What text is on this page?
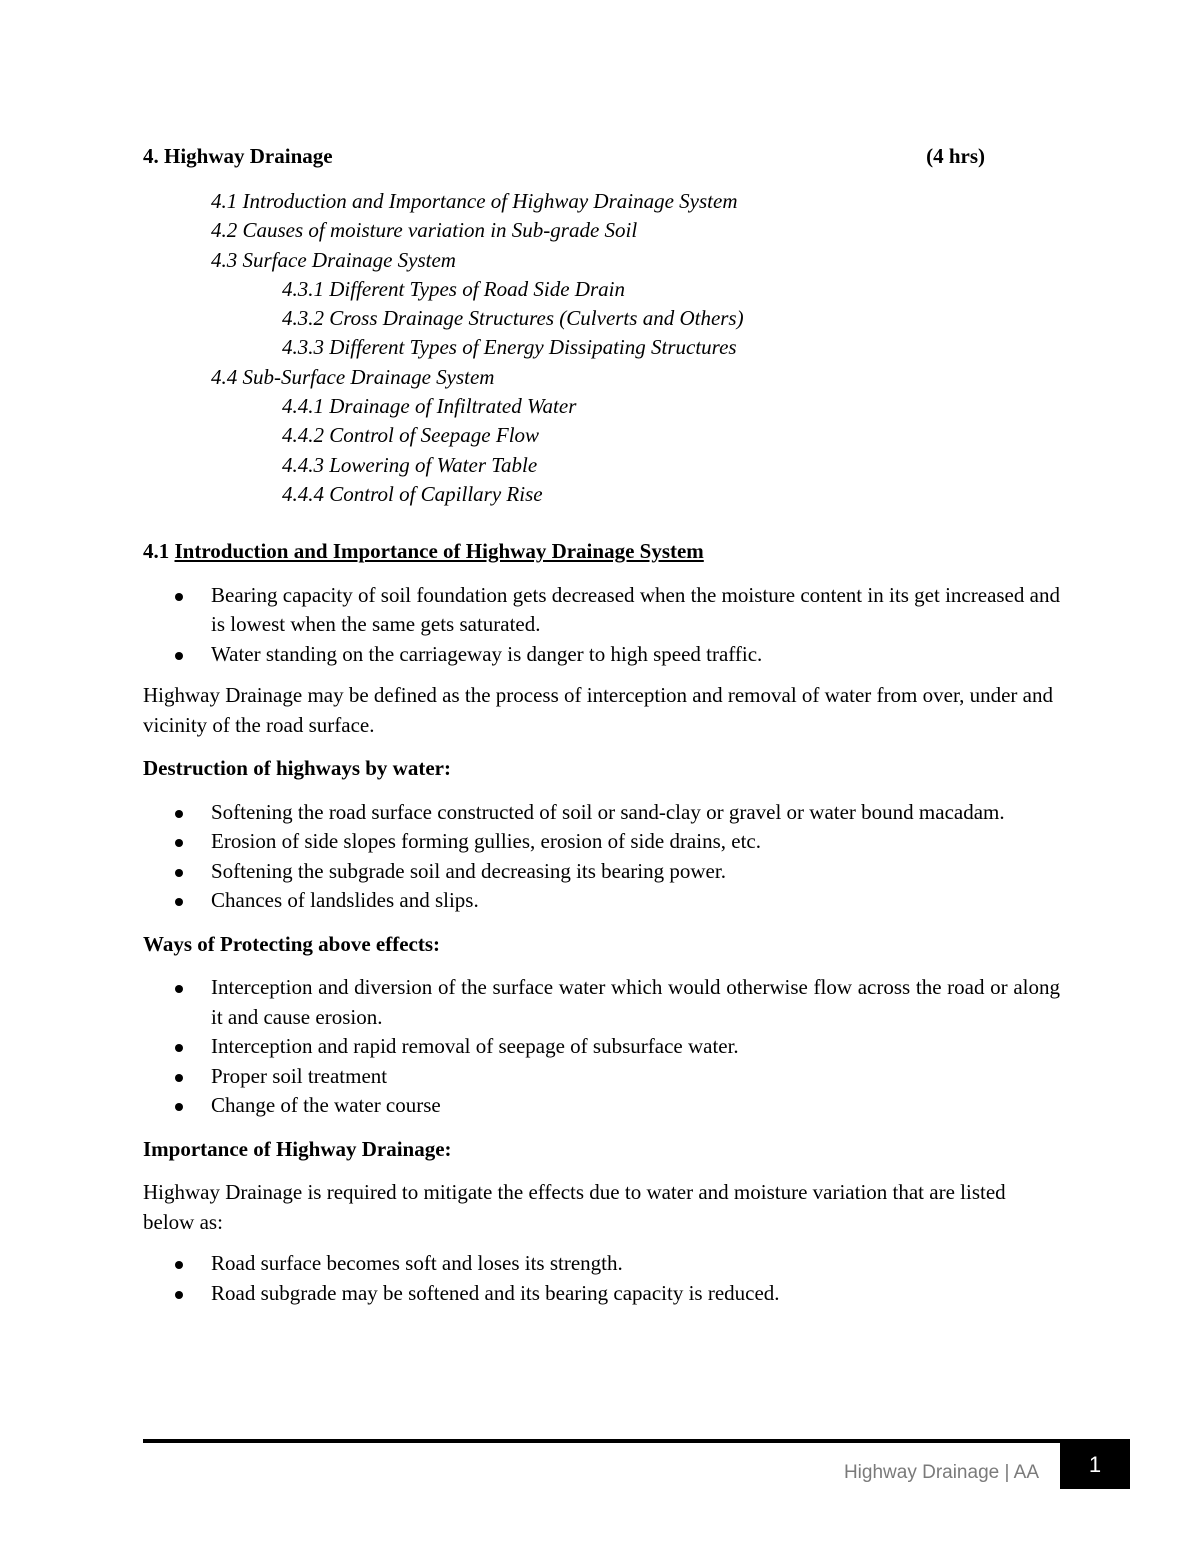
4. Highway Drainage	(4 hrs)
4.1 Introduction and Importance of Highway Drainage System
4.2 Causes of moisture variation in Sub-grade Soil
4.3 Surface Drainage System
4.3.1 Different Types of Road Side Drain
4.3.2 Cross Drainage Structures (Culverts and Others)
4.3.3 Different Types of Energy Dissipating Structures
4.4 Sub-Surface Drainage System
4.4.1 Drainage of Infiltrated Water
4.4.2 Control of Seepage Flow
4.4.3 Lowering of Water Table
4.4.4 Control of Capillary Rise
4.1 Introduction and Importance of Highway Drainage System
Bearing capacity of soil foundation gets decreased when the moisture content in its get increased and is lowest when the same gets saturated.
Water standing on the carriageway is danger to high speed traffic.

Highway Drainage may be defined as the process of interception and removal of water from over, under and vicinity of the road surface.

Destruction of highways by water:
Softening the road surface constructed of soil or sand-clay or gravel or water bound macadam.
Erosion of side slopes forming gullies, erosion of side drains, etc.
Softening the subgrade soil and decreasing its bearing power.
Chances of landslides and slips.
Ways of Protecting above effects:
Interception and diversion of the surface water which would otherwise flow across the road or along it and cause erosion.
Interception and rapid removal of seepage of subsurface water.
Proper soil treatment
Change of the water course
Importance of Highway Drainage:

Highway Drainage is required to mitigate the effects due to water and moisture variation that are listed below as:

Road surface becomes soft and loses its strength.
Road subgrade may be softened and its bearing capacity is reduced.
Highway Drainage | AA	1
